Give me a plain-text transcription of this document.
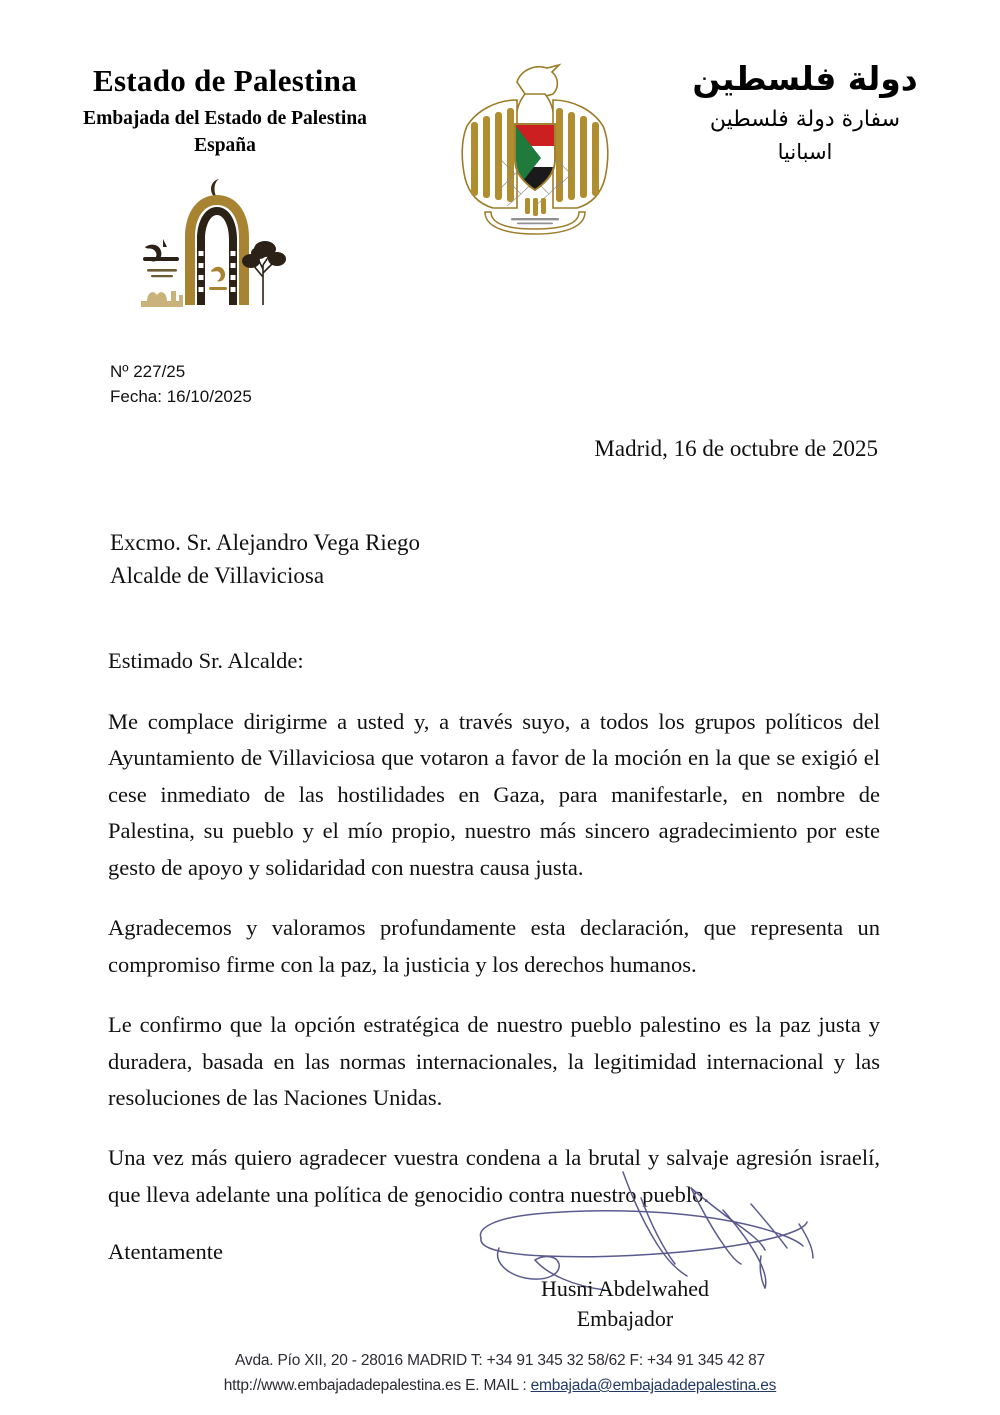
Estado de Palestina
Embajada del Estado de Palestina
España
دولة فلسطين
سفارة دولة فلسطين
اسبانيا
Nº 227/25
Fecha: 16/10/2025
Madrid, 16 de octubre de 2025
Excmo. Sr. Alejandro Vega Riego
Alcalde de Villaviciosa
Estimado Sr. Alcalde:

Me complace dirigirme a usted y, a través suyo, a todos los grupos políticos del Ayuntamiento de Villaviciosa que votaron a favor de la moción en la que se exigió el cese inmediato de las hostilidades en Gaza, para manifestarle, en nombre de Palestina, su pueblo y el mío propio, nuestro más sincero agradecimiento por este gesto de apoyo y solidaridad con nuestra causa justa.

Agradecemos y valoramos profundamente esta declaración, que representa un compromiso firme con la paz, la justicia y los derechos humanos.

Le confirmo que la opción estratégica de nuestro pueblo palestino es la paz justa y duradera, basada en las normas internacionales, la legitimidad internacional y las resoluciones de las Naciones Unidas.

Una vez más quiero agradecer vuestra condena a la brutal y salvaje agresión israelí, que lleva adelante una política de genocidio contra nuestro pueblo.

Atentamente
Husni Abdelwahed
Embajador
Avda. Pío XII, 20 - 28016 MADRID T: +34 91 345 32 58/62 F: +34 91 345 42 87
http://www.embajadadepalestina.es E. MAIL : embajada@embajadadepalestina.es
